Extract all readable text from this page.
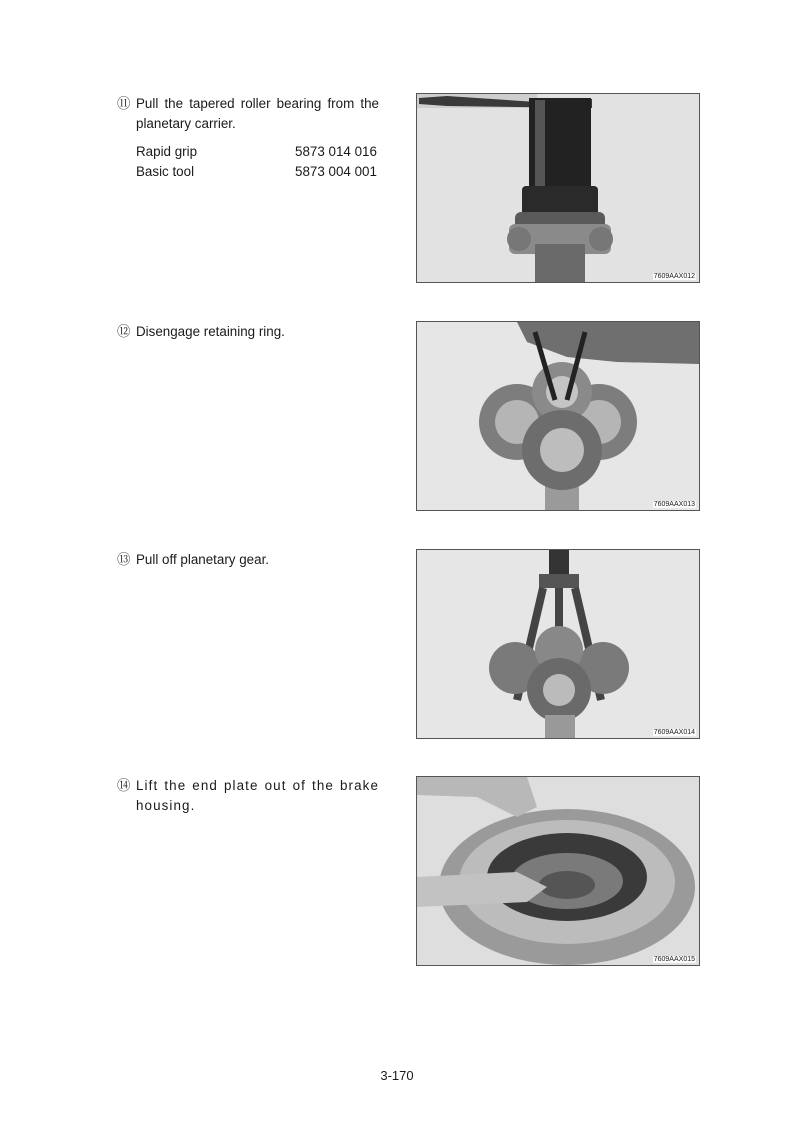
⑪ Pull the tapered roller bearing from the planetary carrier.
Rapid grip	5873 014 016
Basic tool	5873 004 001
7609AAX012
⑫ Disengage retaining ring.
7609AAX013
⑬ Pull off planetary gear.
7609AAX014
⑭ Lift the end plate out of the brake housing.
7609AAX015
3-170
